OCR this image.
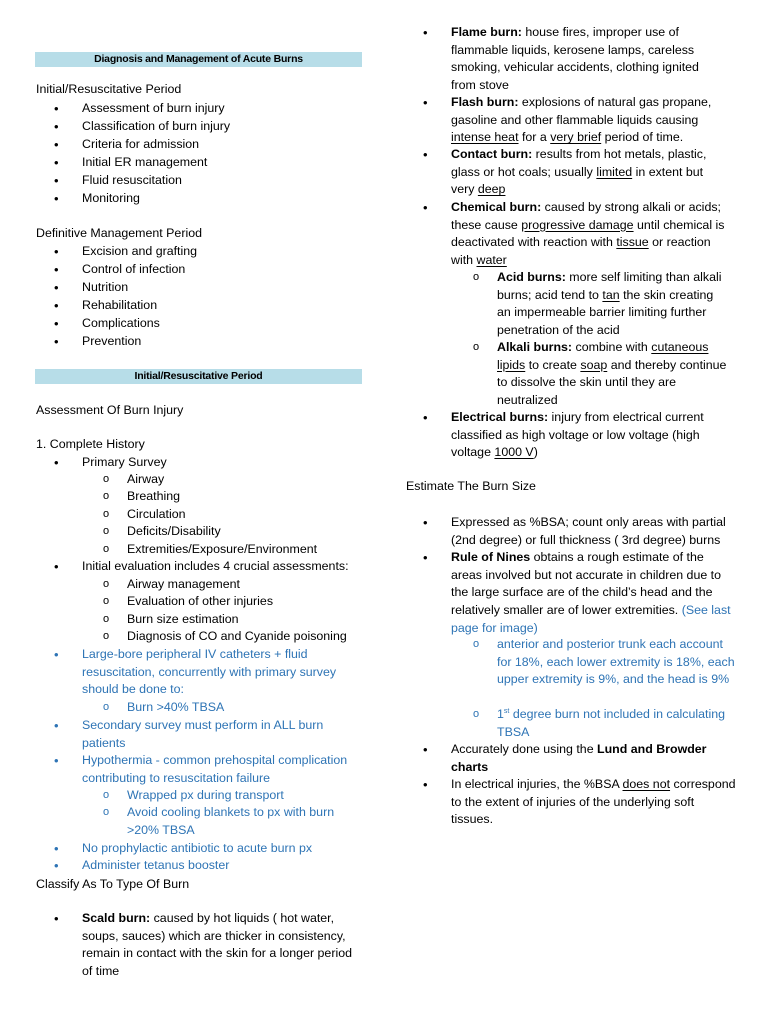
Diagnosis and Management of Acute Burns
Initial/Resuscitative Period
• Assessment of burn injury
• Classification of burn injury
• Criteria for admission
• Initial ER management
• Fluid resuscitation
• Monitoring
Definitive Management Period
• Excision and grafting
• Control of infection
• Nutrition
• Rehabilitation
• Complications
• Prevention
Initial/Resuscitative Period
Assessment Of Burn Injury
1. Complete History
• Primary Survey
o Airway
o Breathing
o Circulation
o Deficits/Disability
o Extremities/Exposure/Environment
• Initial evaluation includes 4 crucial assessments:
o Airway management
o Evaluation of other injuries
o Burn size estimation
o Diagnosis of CO and Cyanide poisoning
• Large-bore peripheral IV catheters + fluid resuscitation, concurrently with primary survey should be done to:
o Burn >40% TBSA
• Secondary survey must perform in ALL burn patients
• Hypothermia - common prehospital complication contributing to resuscitation failure
o Wrapped px during transport
o Avoid cooling blankets to px with burn >20% TBSA
• No prophylactic antibiotic to acute burn px
• Administer tetanus booster
Classify As To Type Of Burn
• Scald burn: caused by hot liquids ( hot water, soups, sauces) which are thicker in consistency, remain in contact with the skin for a longer period of time
• Flame burn: house fires, improper use of flammable liquids, kerosene lamps, careless smoking, vehicular accidents, clothing ignited from stove
• Flash burn: explosions of natural gas propane, gasoline and other flammable liquids causing intense heat for a very brief period of time.
• Contact burn: results from hot metals, plastic, glass or hot coals; usually limited in extent but very deep
• Chemical burn: caused by strong alkali or acids; these cause progressive damage until chemical is deactivated with reaction with tissue or reaction with water
o Acid burns: more self limiting than alkali burns; acid tend to tan the skin creating an impermeable barrier limiting further penetration of the acid
o Alkali burns: combine with cutaneous lipids to create soap and thereby continue to dissolve the skin until they are neutralized
• Electrical burns: injury from electrical current classified as high voltage or low voltage (high voltage 1000 V)
Estimate The Burn Size
• Expressed as %BSA; count only areas with partial (2nd degree) or full thickness ( 3rd degree) burns
• Rule of Nines obtains a rough estimate of the areas involved but not accurate in children due to the large surface are of the child’s head and the relatively smaller are of lower extremities. (See last page for image)
o anterior and posterior trunk each account for 18%, each lower extremity is 18%, each upper extremity is 9%, and the head is 9%
o 1st degree burn not included in calculating TBSA
• Accurately done using the Lund and Browder charts
• In electrical injuries, the %BSA does not correspond to the extent of injuries of the underlying soft tissues.
